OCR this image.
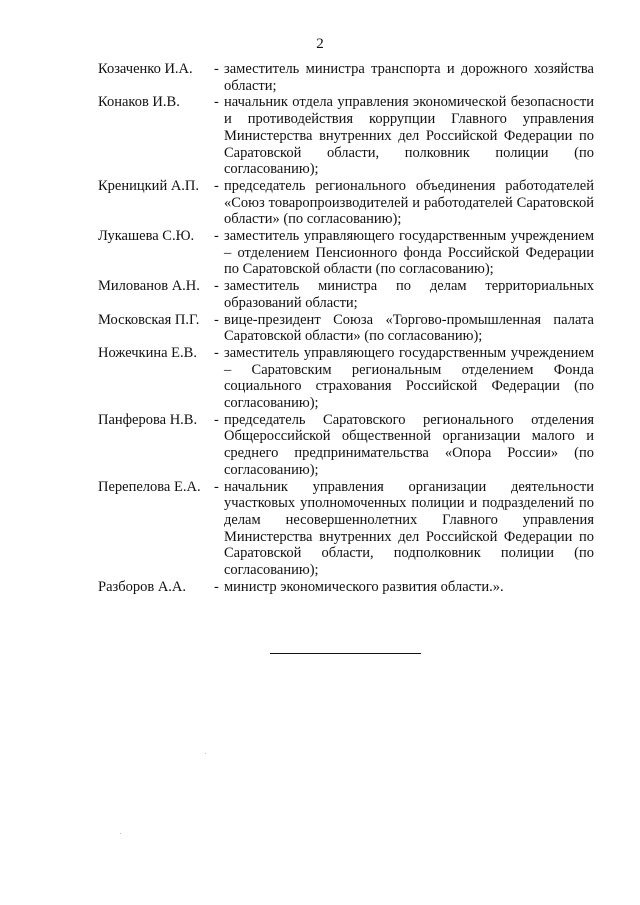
2
Козаченко И.А.	- заместитель министра транспорта и дорожного хозяйства области;
Конаков И.В.	- начальник отдела управления экономической безопасности и противодействия коррупции Главного управления Министерства внутренних дел Российской Федерации по Саратовской области, полковник полиции (по согласованию);
Креницкий А.П.	- председатель регионального объединения работодателей «Союз товаропроизводителей и работодателей Саратовской области» (по согласованию);
Лукашева С.Ю.	- заместитель управляющего государственным учреждением – отделением Пенсионного фонда Российской Федерации по Саратовской области (по согласованию);
Милованов А.Н. - заместитель министра по делам территориальных образований области;
Московская П.Г.	- вице-президент Союза «Торгово-промышленная палата Саратовской области» (по согласованию);
Ножечкина Е.В.	- заместитель управляющего государственным учреждением – Саратовским региональным отделением Фонда социального страхования Российской Федерации (по согласованию);
Панферова Н.В.	- председатель Саратовского регионального отделения Общероссийской общественной организации малого и среднего предпринимательства «Опора России» (по согласованию);
Перепелова Е.А. - начальник управления организации деятельности участковых уполномоченных полиции и подразделений по делам несовершеннолетних Главного управления Министерства внутренних дел Российской Федерации по Саратовской области, подполковник полиции (по согласованию);
Разборов А.А.	- министр экономического развития области.».
